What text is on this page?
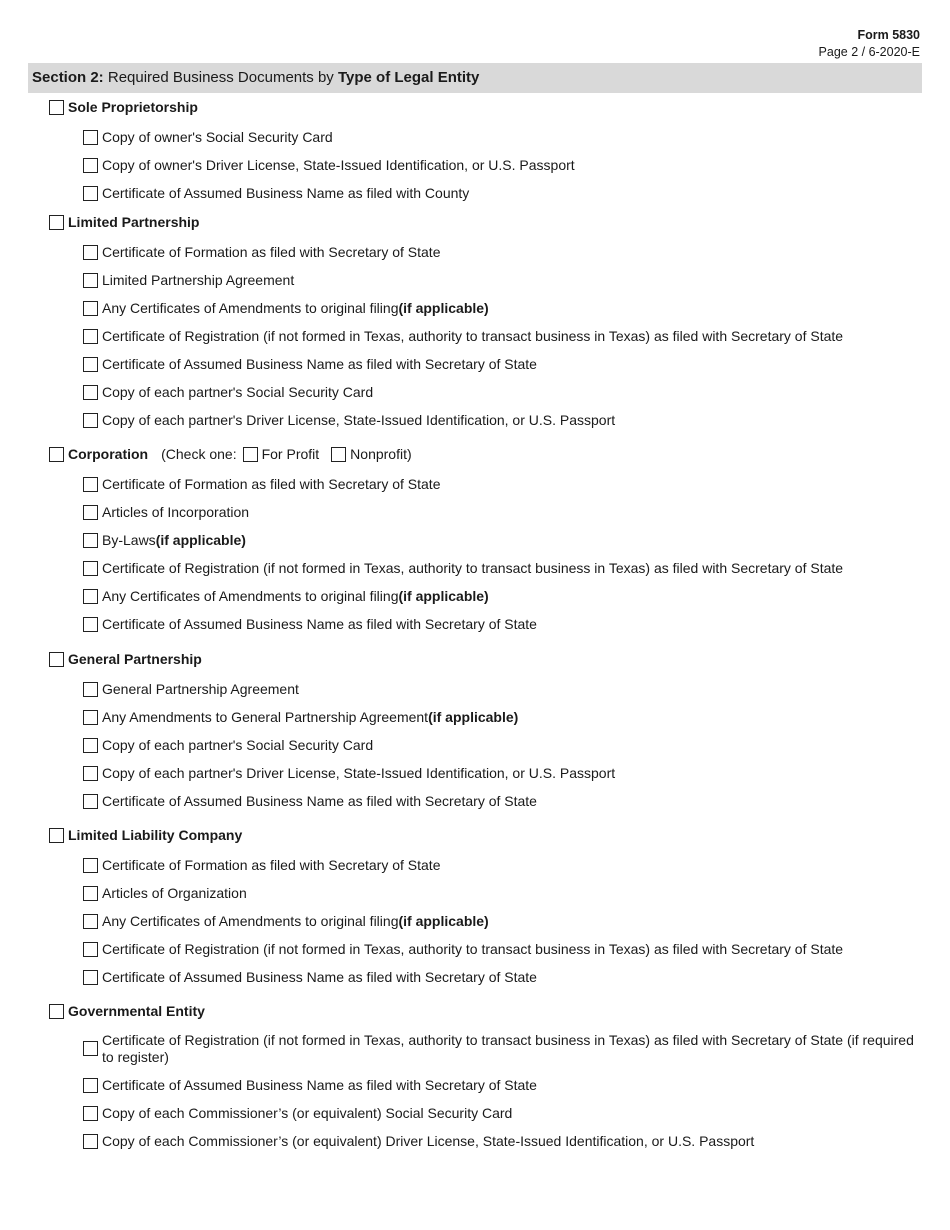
Form 5830
Page 2 / 6-2020-E
Section 2: Required Business Documents by Type of Legal Entity
Sole Proprietorship
Copy of owner's Social Security Card
Copy of owner's Driver License, State-Issued Identification, or U.S. Passport
Certificate of Assumed Business Name as filed with County
Limited Partnership
Certificate of Formation as filed with Secretary of State
Limited Partnership Agreement
Any Certificates of Amendments to original filing (if applicable)
Certificate of Registration (if not formed in Texas, authority to transact business in Texas) as filed with Secretary of State
Certificate of Assumed Business Name as filed with Secretary of State
Copy of each partner's Social Security Card
Copy of each partner's Driver License, State-Issued Identification, or U.S. Passport
Corporation (Check one: For Profit Nonprofit)
Certificate of Formation as filed with Secretary of State
Articles of Incorporation
By-Laws (if applicable)
Certificate of Registration (if not formed in Texas, authority to transact business in Texas) as filed with Secretary of State
Any Certificates of Amendments to original filing (if applicable)
Certificate of Assumed Business Name as filed with Secretary of State
General Partnership
General Partnership Agreement
Any Amendments to General Partnership Agreement (if applicable)
Copy of each partner's Social Security Card
Copy of each partner's Driver License, State-Issued Identification, or U.S. Passport
Certificate of Assumed Business Name as filed with Secretary of State
Limited Liability Company
Certificate of Formation as filed with Secretary of State
Articles of Organization
Any Certificates of Amendments to original filing (if applicable)
Certificate of Registration (if not formed in Texas, authority to transact business in Texas) as filed with Secretary of State
Certificate of Assumed Business Name as filed with Secretary of State
Governmental Entity
Certificate of Registration (if not formed in Texas, authority to transact business in Texas) as filed with Secretary of State (if required to register)
Certificate of Assumed Business Name as filed with Secretary of State
Copy of each Commissioner’s (or equivalent) Social Security Card
Copy of each Commissioner’s (or equivalent) Driver License, State-Issued Identification, or U.S. Passport
